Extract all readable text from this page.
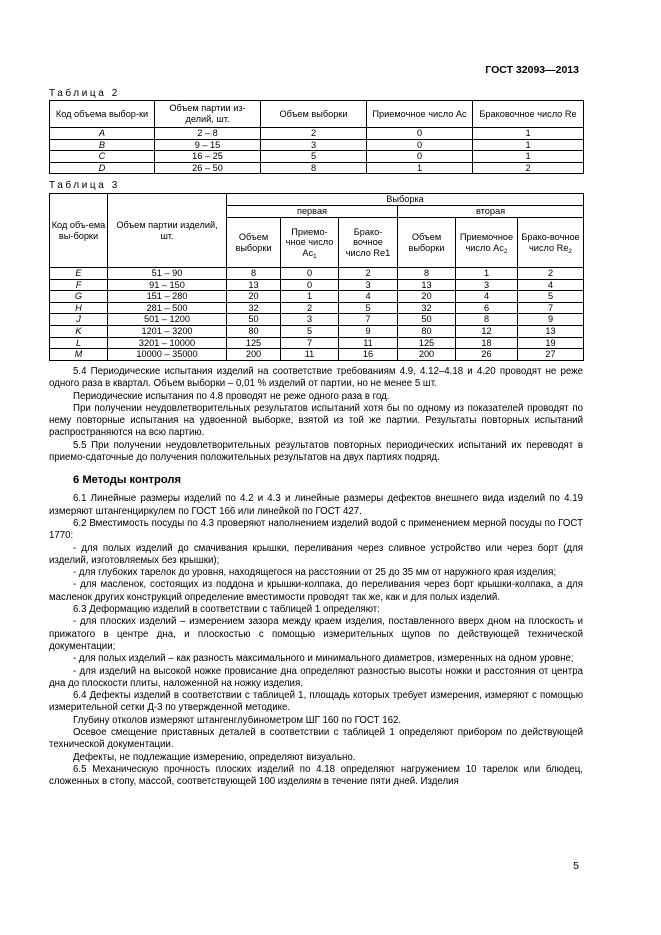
ГОСТ 32093—2013
Таблица 2
Код объема выбор-ки	Объем партии из-делий, шт.	Объем выборки	Приемочное число Ac	Браковочное число Re
A	2 – 8	2	0	1
B	9 – 15	3	0	1
C	16 – 25	5	0	1
D	26 – 50	8	1	2
Таблица 3
Код объ-ема вы-борки	Объем партии изделий, шт.	Выборка					
		первая			вторая		
		Объем выборки	Приемо-чное число $Ac_1$	Брако-вочное число Re1	Объем выборки	Приемочное число $Ac_2$	Брако-вочное число $Re_2$
E	51 – 90	8	0	2	8	1	2
F	91 – 150	13	0	3	13	3	4
G	151 – 280	20	1	4	20	4	5
H	281 – 500	32	2	5	32	6	7
J	501 – 1200	50	3	7	50	8	9
K	1201 – 3200	80	5	9	80	12	13
L	3201 – 10000	125	7	11	125	18	19
M	10000 – 35000	200	11	16	200	26	27

5.4 Периодические испытания изделий на соответствие требованиям 4.9, 4.12–4.18 и 4.20 проводят не реже одного раза в квартал. Объем выборки – 0,01 % изделий от партии, но не менее 5 шт.

Периодические испытания по 4.8 проводят не реже одного раза в год.

При получении неудовлетворительных результатов испытаний хотя бы по одному из показателей проводят по нему повторные испытания на удвоенной выборке, взятой из той же партии. Результаты повторных испытаний распространяются на всю партию.

5.5 При получении неудовлетворительных результатов повторных периодических испытаний их переводят в приемо-сдаточные до получения положительных результатов на двух партиях подряд.

6 Методы контроля

6.1 Линейные размеры изделий по 4.2 и 4.3 и линейные размеры дефектов внешнего вида изделий по 4.19 измеряют штангенциркулем по ГОСТ 166 или линейкой по ГОСТ 427.

6.2 Вместимость посуды по 4.3 проверяют наполнением изделий водой с применением мерной посуды по ГОСТ 1770:

- для полых изделий до смачивания крышки, переливания через сливное устройство или через борт (для изделий, изготовляемых без крышки);

- для глубоких тарелок до уровня, находящегося на расстоянии от 25 до 35 мм от наружного края изделия;

- для масленок, состоящих из поддона и крышки-колпака, до переливания через борт крышки-колпака, а для масленок других конструкций определение вместимости проводят так же, как и для полых изделий.

6.3 Деформацию изделий в соответствии с таблицей 1 определяют:

- для плоских изделий – измерением зазора между краем изделия, поставленного вверх дном на плоскость и прижатого в центре дна, и плоскостью с помощью измерительных щупов по действующей технической документации;

- для полых изделий – как разность максимального и минимального диаметров, измеренных на одном уровне;

- для изделий на высокой ножке провисание дна определяют разностью высоты ножки и расстояния от центра дна до плоскости плиты, наложенной на ножку изделия.

6.4 Дефекты изделий в соответствии с таблицей 1, площадь которых требует измерения, измеряют с помощью измерительной сетки Д-3 по утвержденной методике.

Глубину отколов измеряют штангенглубинометром ШГ 160 по ГОСТ 162.

Осевое смещение приставных деталей в соответствии с таблицей 1 определяют прибором по действующей технической документации.

Дефекты, не подлежащие измерению, определяют визуально.

6.5 Механическую прочность плоских изделий по 4.18 определяют нагружением 10 тарелок или блюдец, сложенных в стопу, массой, соответствующей 100 изделиям в течение пяти дней. Изделия

5
